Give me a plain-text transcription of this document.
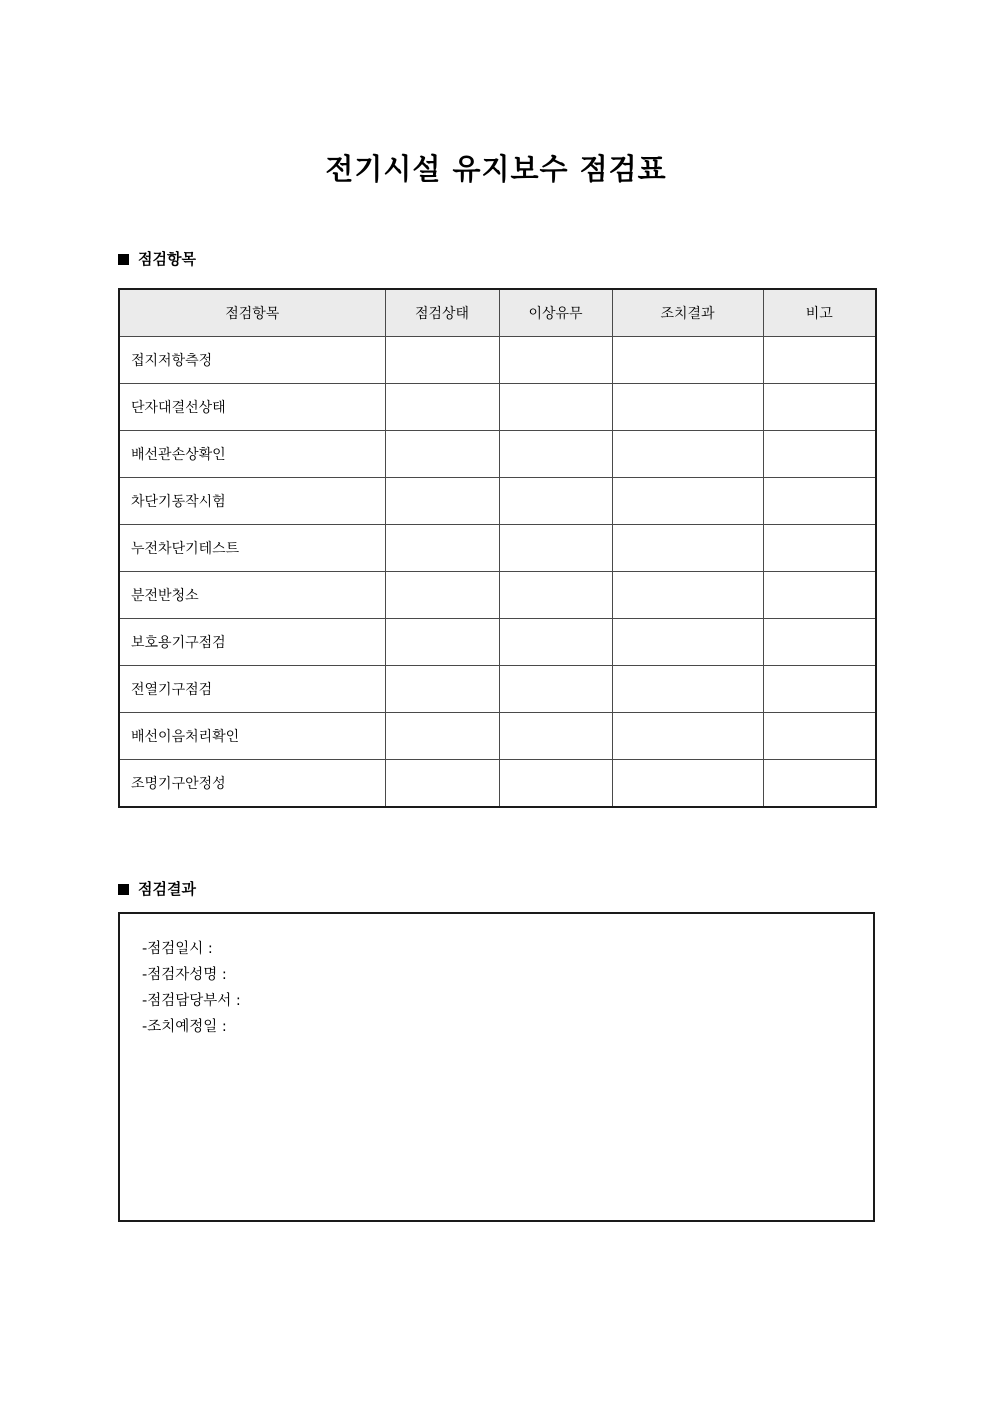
전기시설 유지보수 점검표
점검항목
점검항목	점검상태	이상유무	조치결과	비고
접지저항측정				
단자대결선상태				
배선관손상확인				
차단기동작시험				
누전차단기테스트				
분전반청소				
보호용기구점검				
전열기구점검				
배선이음처리확인				
조명기구안정성				
점검결과
-점검일시 :
-점검자성명 :
-점검담당부서 :
-조치예정일 :
